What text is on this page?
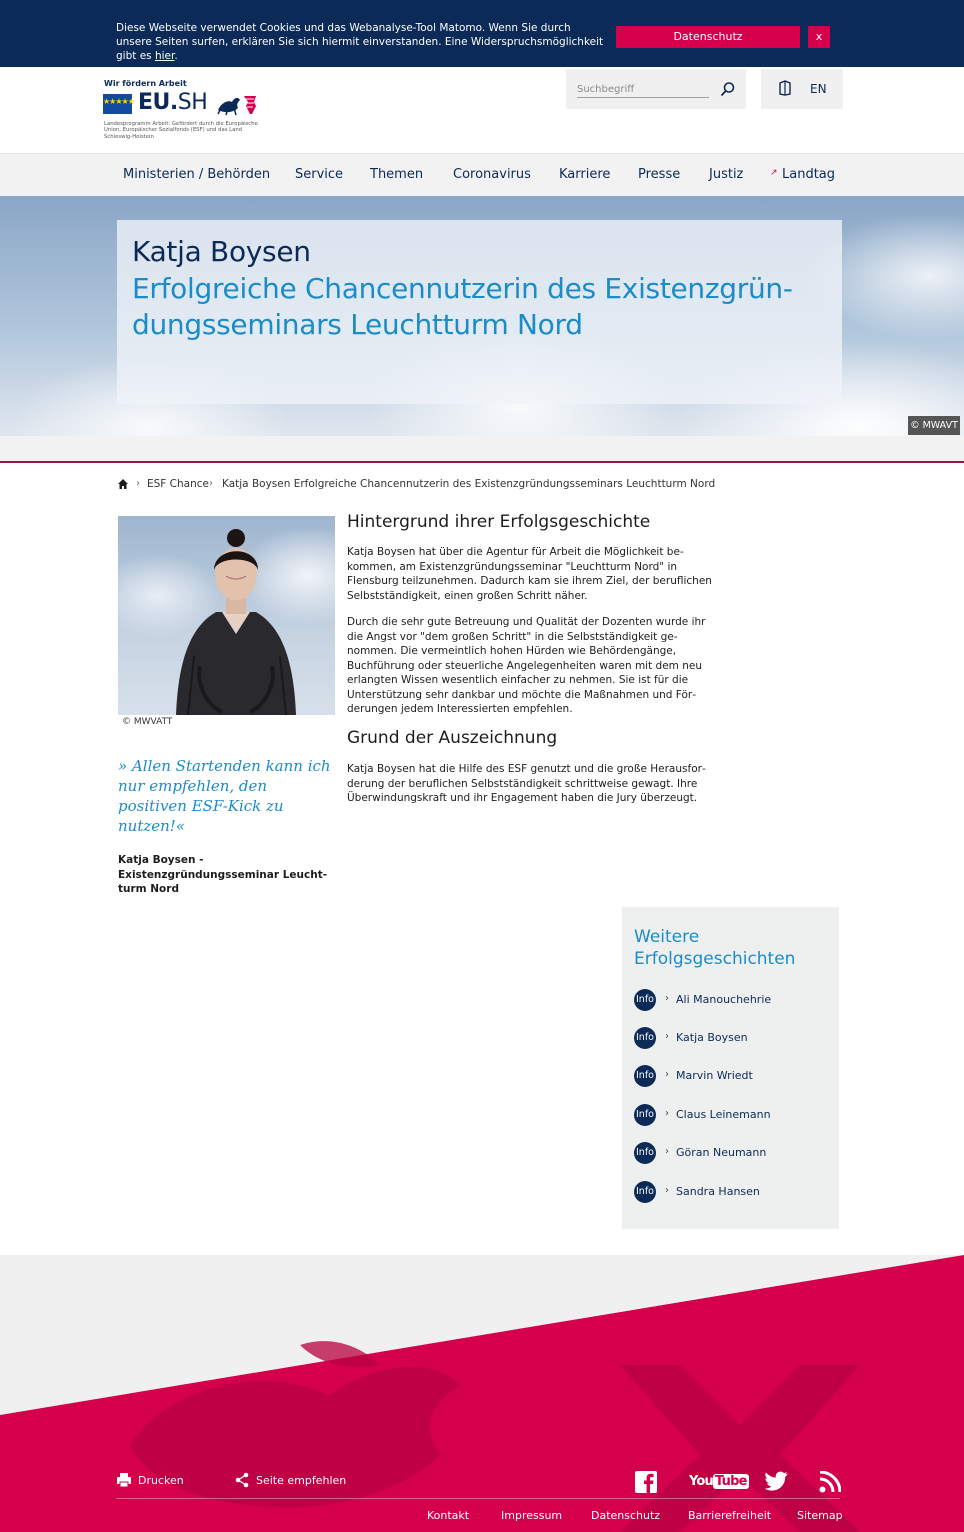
Diese Webseite verwendet Cookies und das Webanalyse-Tool Matomo. Wenn Sie durch unsere Seiten surfen, erklären Sie sich hiermit einverstanden. Eine Widerspruchsmöglichkeit gibt es hier.
Datenschutz	x
Wir fördern Arbeit
★★★★★ EU.SH
Landesprogramm Arbeit: Gefördert durch die Europäische Union, Europäischer Sozialfonds (ESF) und das Land Schleswig-Holstein
Suchbegriff
EN
Ministerien / Behörden Service Themen Coronavirus Karriere Presse Justiz	↗ Landtag
Katja Boysen
Erfolgreiche Chancennutzerin des Existenzgründungsseminars Leuchtturm Nord
© MWAVT
› ESF Chance › Katja Boysen Erfolgreiche Chancennutzerin des Existenzgründungsseminars Leuchtturm Nord
© MWVATT
» Allen Startenden kann ich nur empfehlen, den positiven ESF-Kick zu nutzen!«
Katja Boysen - Existenzgründungsseminar Leuchtturm Nord
Hintergrund ihrer Erfolgsgeschichte

Katja Boysen hat über die Agentur für Arbeit die Möglichkeit bekommen, am Existenzgründungsseminar "Leuchtturm Nord" in Flensburg teilzunehmen. Dadurch kam sie ihrem Ziel, der beruflichen Selbstständigkeit, einen großen Schritt näher.

Durch die sehr gute Betreuung und Qualität der Dozenten wurde ihr die Angst vor "dem großen Schritt" in die Selbstständigkeit genommen. Die vermeintlich hohen Hürden wie Behördengänge, Buchführung oder steuerliche Angelegenheiten waren mit dem neu erlangten Wissen wesentlich einfacher zu nehmen. Sie ist für die Unterstützung sehr dankbar und möchte die Maßnahmen und Förderungen jedem Interessierten empfehlen.

Grund der Auszeichnung

Katja Boysen hat die Hilfe des ESF genutzt und die große Herausforderung der beruflichen Selbstständigkeit schrittweise gewagt. Ihre Überwindungskraft und ihr Engagement haben die Jury überzeugt.

Weitere Erfolgsgeschichten
Info › Ali Manouchehrie
Info › Katja Boysen
Info › Marvin Wriedt
Info › Claus Leinemann
Info › Göran Neumann
Info › Sandra Hansen
Drucken	Seite empfehlen	You Tube
Kontakt	Impressum	Datenschutz	Barrierefreiheit Sitemap
